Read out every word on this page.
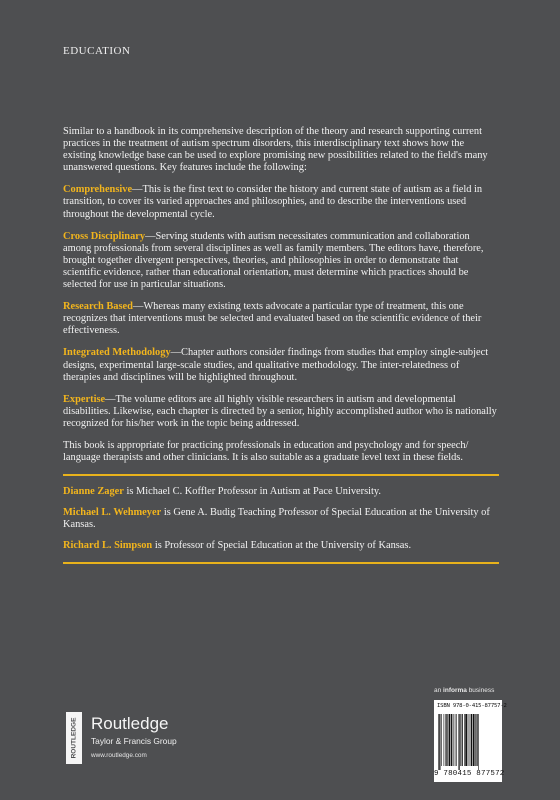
EDUCATION

Similar to a handbook in its comprehensive description of the theory and research supporting current practices in the treatment of autism spectrum disorders, this interdisciplinary text shows how the existing knowledge base can be used to explore promising new possibilities related to the field's many unanswered questions. Key features include the following:

Comprehensive—This is the first text to consider the history and current state of autism as a field in transition, to cover its varied approaches and philosophies, and to describe the interventions used throughout the developmental cycle.

Cross Disciplinary—Serving students with autism necessitates communication and collaboration among professionals from several disciplines as well as family members. The editors have, therefore, brought together divergent perspectives, theories, and philosophies in order to demonstrate that scientific evidence, rather than educational orientation, must determine which practices should be selected for use in particular situations.

Research Based—Whereas many existing texts advocate a particular type of treatment, this one recognizes that interventions must be selected and evaluated based on the scientific evidence of their effectiveness.

Integrated Methodology—Chapter authors consider findings from studies that employ single-subject designs, experimental large-scale studies, and qualitative methodology. The inter-relatedness of therapies and disciplines will be highlighted throughout.

Expertise—The volume editors are all highly visible researchers in autism and developmental disabilities. Likewise, each chapter is directed by a senior, highly accomplished author who is nationally recognized for his/her work in the topic being addressed.

This book is appropriate for practicing professionals in education and psychology and for speech/ language therapists and other clinicians. It is also suitable as a graduate level text in these fields.

Dianne Zager is Michael C. Koffler Professor in Autism at Pace University.

Michael L. Wehmeyer is Gene A. Budig Teaching Professor of Special Education at the University of Kansas.

Richard L. Simpson is Professor of Special Education at the University of Kansas.

an informa business
ISBN 978-0-415-87757-2
9 780415 877572
ROUTLEDGE Routledge
Taylor & Francis Group
www.routledge.com
